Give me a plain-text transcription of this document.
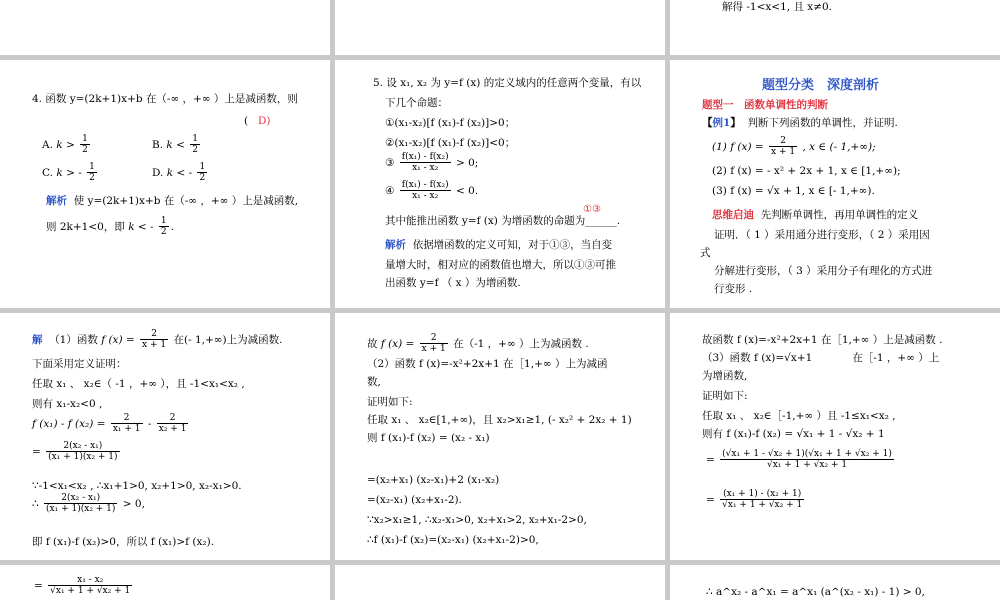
解得 -1<x<1, 且 x≠0.
4. 函数 y=(2k+1)x+b 在（-∞ ，+∞ ）上是减函数，则
( D)
A. $k > \frac{1}{2}$	B. $k < \frac{1}{2}$
C. k > - $\frac{1}{2}$	D. k < - $\frac{1}{2}$
解析 使 y=(2k+1)x+b 在（-∞ ，+∞ ）上是减函数,
则 2k+1<0，即 k < - $\frac{1}{2}$ .
5. 设 x₁, x₂ 为 y=f (x) 的定义域内的任意两个变量，有以
下几个命题：
①(x₁-x₂)[f (x₁)-f (x₂)]>0；
②(x₁-x₂)[f (x₁)-f (x₂)]<0；
③ $\frac{\text{f(x₁) - f(x₂)}}{\text{x₁ - x₂}} > 0$;
④ $\frac{\text{f(x₁) - f(x₂)}}{\text{x₁ - x₂}} < 0$.
①③
其中能推出函数 y=f (x) 为增函数的命题为______.
解析 依据增函数的定义可知，对于①③，当自变
量增大时，相对应的函数值也增大，所以①③可推
出函数 y=f （ x ）为增函数.
题型分类　深度剖析
题型一　函数单调性的判断
【例1】 判断下列函数的单调性，并证明.
(1) f $(x) = \frac{2}{x + 1}$ , x ∈ (- 1,+∞);
(2) f (x) = - x² + 2x + 1, x ∈ [1,+∞);
(3) f (x) = √x + 1, x ∈ [- 1,+∞).
思维启迪 先判断单调性，再用单调性的定义
证明．（ 1 ）采用通分进行变形，（ 2 ）采用因
式
分解进行变形，（ 3 ）采用分子有理化的方式进
行变形 .
解 （1）函数 f $(x) = \frac{2}{x + 1}$ 在(- 1,+∞)上为减函数.
下面采用定义证明：
任取 x₁ 、 x₂∈（ -1 ，+∞ ），且 -1<x₁<x₂ ,
则有 x₁-x₂<0 ,
f (x₁) - f $(x_2) = \frac{2}{\text{x₁ + 1}} - \frac{2}{\text{x₂ + 1}}$
= $\frac{\text{2(x₂ - x₁)}}{\text{(x₁ + 1)(x₂ + 1)}}$
∵-1<x₁<x₂ , ∴x₁+1>0, x₂+1>0, x₂-x₁>0.
∴ $\frac{\text{2(x₂ - x₁)}}{\text{(x₁ + 1)(x₂ + 1)}} > 0$,
即 f (x₁)-f (x₂)>0，所以 f (x₁)>f (x₂).
故 f $(x) = \frac{2}{x + 1}$ 在（-1 ，+∞ ）上为减函数 .
（2）函数 f (x)=-x²+2x+1 在［1,+∞ ）上为减函
数,
证明如下:
任取 x₁ 、 x₂∈[1,+∞)，且 x₂>x₁≥1, (- x₂² + 2x₂ + 1)
则 f (x₁)-f (x₂) = (x₂ - x₁)
=(x₂+x₁) (x₂-x₁)+2 (x₁-x₂)
=(x₂-x₁) (x₂+x₁-2).
∵x₂>x₁≥1, ∴x₂-x₁>0, x₂+x₁>2, x₂+x₁-2>0,
∴f (x₁)-f (x₂)=(x₂-x₁) (x₂+x₁-2)>0,
故函数 f (x)=-x²+2x+1 在［1,+∞ ）上是减函数 .
（3）函数 f (x)=√x+1	在［-1 ，+∞ ）上
为增函数,
证明如下:
任取 x₁ 、 x₂∈［-1,+∞ ）且 -1≤x₁<x₂ ,
则有 f (x₁)-f (x₂) = √x₁ + 1 - √x₂ + 1
= $\frac{\text{(√x₁ + 1 - √x₂ + 1)(√x₁ + 1 + √x₂ + 1)}}{\text{√x₁ + 1 + √x₂ + 1}}$
= $\frac{\text{(x₁ + 1) - (x₂ + 1)}}{\text{√x₁ + 1 + √x₂ + 1}}$
= $\frac{\text{x₁ - x₂}}{\text{√x₁ + 1 + √x₂ + 1}}$	∴ a^x₂ - a^x₁ = a^x₁ (a^(x₂ - x₁) - 1) > 0,
